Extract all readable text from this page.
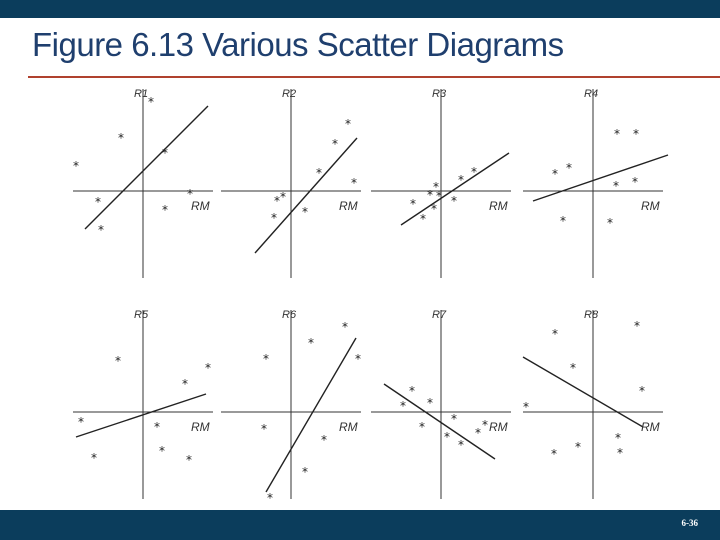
Figure 6.13 Various Scatter Diagrams
R1
RM
*
*
*
*
*
*
*
*
R2
RM
*
*
*
*
*
*
*
*
R3
RM
*
*
*
*
* *
*
*
*
R4
RM
* *
*
*
*
*
*	*
R5
RM
*	*
*
*	*
*	*
*
R6
RM
*
*
*
*
*
*
*
*
R7
RM
*
*
*
*
*
*
*
*
*
R8
RM
*
*
*
*
*
*
*
*
*
6-36
